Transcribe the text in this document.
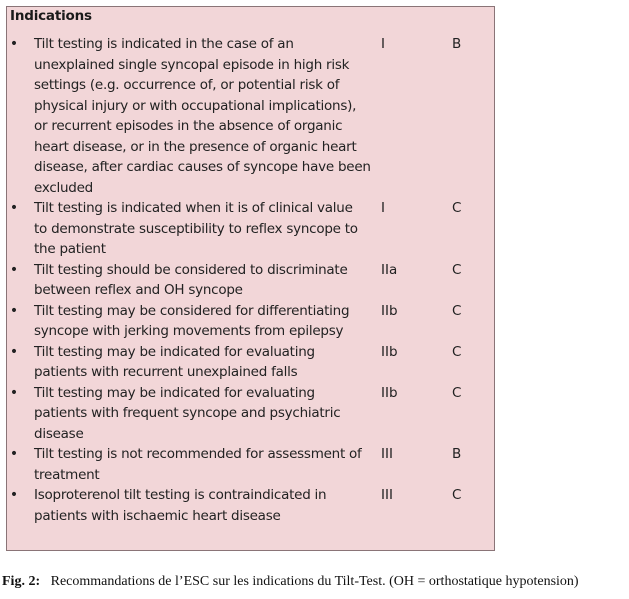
Indications
• Tilt testing is indicated in the case of an
unexplained single syncopal episode in high risk
settings (e.g. occurrence of, or potential risk of
physical injury or with occupational implications),
or recurrent episodes in the absence of organic
heart disease, or in the presence of organic heart
disease, after cardiac causes of syncope have been
excluded
I	B
• Tilt testing is indicated when it is of clinical value
to demonstrate susceptibility to reflex syncope to
the patient
I	C
• Tilt testing should be considered to discriminate
between reflex and OH syncope
IIa	C
• Tilt testing may be considered for differentiating
syncope with jerking movements from epilepsy
IIb	C
• Tilt testing may be indicated for evaluating
patients with recurrent unexplained falls
IIb	C
• Tilt testing may be indicated for evaluating
patients with frequent syncope and psychiatric
disease
IIb	C
• Tilt testing is not recommended for assessment of
treatment
III	B
• Isoproterenol tilt testing is contraindicated in
patients with ischaemic heart disease
III	C
Fig. 2: Recommandations de l’ESC sur les indications du Tilt-Test. (OH = orthostatique hypotension)
